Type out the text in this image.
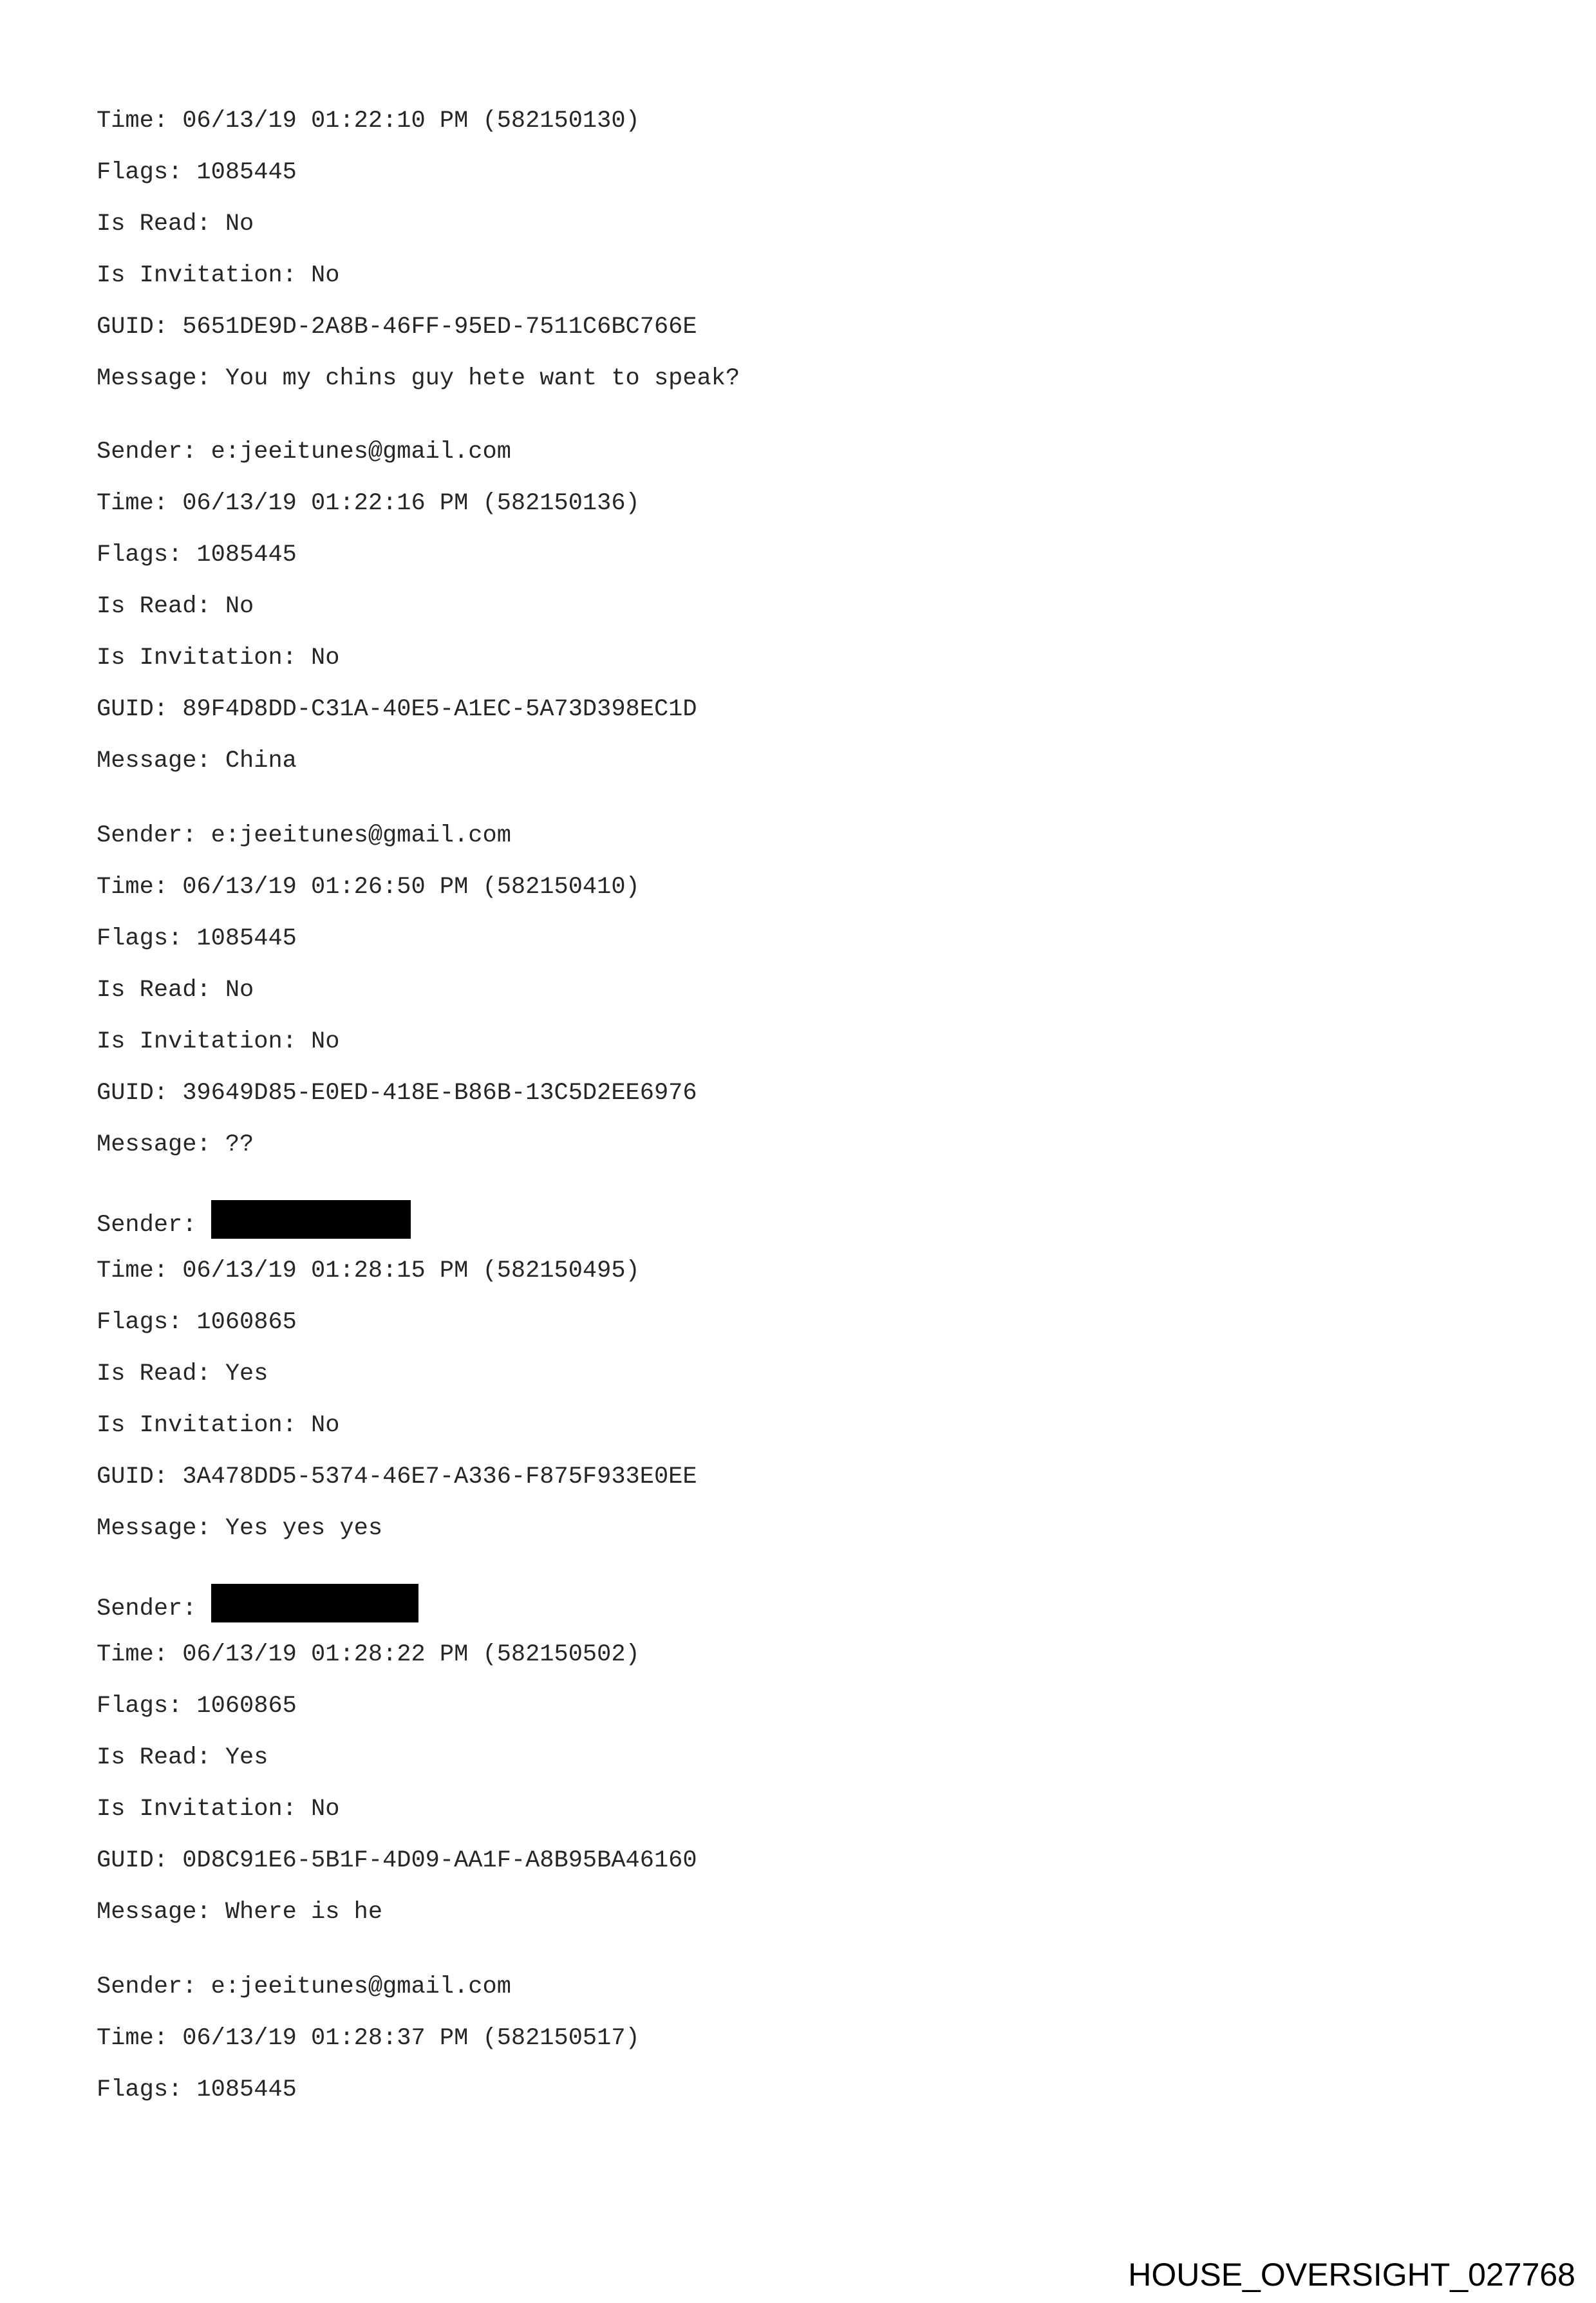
Time: 06/13/19 01:22:10 PM (582150130)
Flags: 1085445
Is Read: No
Is Invitation: No
GUID: 5651DE9D-2A8B-46FF-95ED-7511C6BC766E
Message: You my chins guy hete want to speak?
Sender: e:jeeitunes@gmail.com
Time: 06/13/19 01:22:16 PM (582150136)
Flags: 1085445
Is Read: No
Is Invitation: No
GUID: 89F4D8DD-C31A-40E5-A1EC-5A73D398EC1D
Message: China
Sender: e:jeeitunes@gmail.com
Time: 06/13/19 01:26:50 PM (582150410)
Flags: 1085445
Is Read: No
Is Invitation: No
GUID: 39649D85-E0ED-418E-B86B-13C5D2EE6976
Message: ??
Sender:
Time: 06/13/19 01:28:15 PM (582150495)
Flags: 1060865
Is Read: Yes
Is Invitation: No
GUID: 3A478DD5-5374-46E7-A336-F875F933E0EE
Message: Yes yes yes
Sender:
Time: 06/13/19 01:28:22 PM (582150502)
Flags: 1060865
Is Read: Yes
Is Invitation: No
GUID: 0D8C91E6-5B1F-4D09-AA1F-A8B95BA46160
Message: Where is he
Sender: e:jeeitunes@gmail.com
Time: 06/13/19 01:28:37 PM (582150517)
Flags: 1085445
HOUSE_OVERSIGHT_027768
